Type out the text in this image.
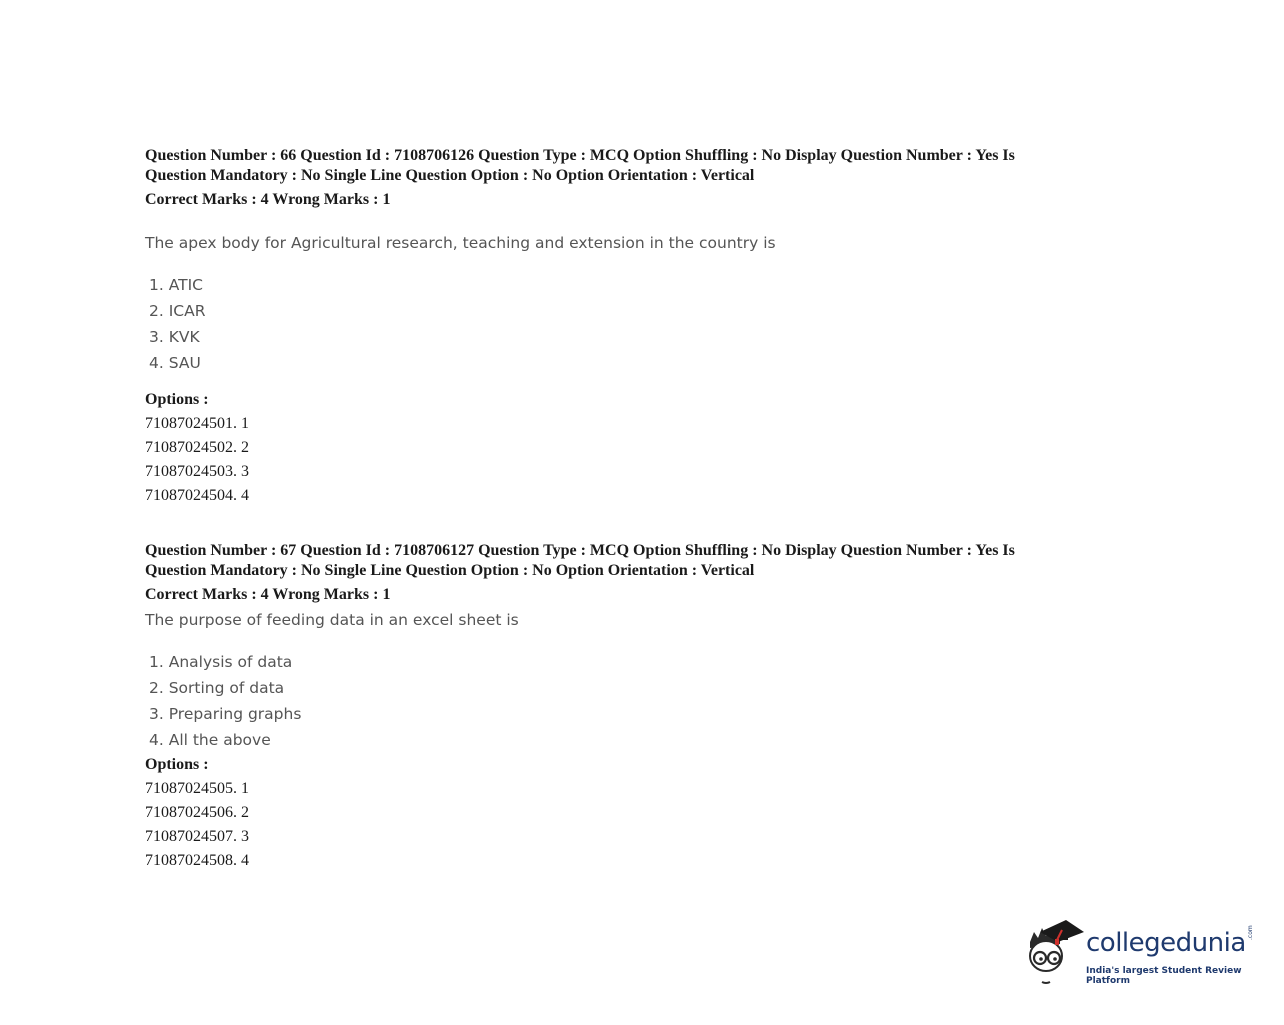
Question Number : 66 Question Id : 7108706126 Question Type : MCQ Option Shuffling : No Display Question Number : Yes Is

Question Mandatory : No Single Line Question Option : No Option Orientation : Vertical

Correct Marks : 4 Wrong Marks : 1

The apex body for Agricultural research, teaching and extension in the country is

1. ATIC
2. ICAR
3. KVK
4. SAU

Options :

71087024501. 1
71087024502. 2
71087024503. 3
71087024504. 4

Question Number : 67 Question Id : 7108706127 Question Type : MCQ Option Shuffling : No Display Question Number : Yes Is

Question Mandatory : No Single Line Question Option : No Option Orientation : Vertical

Correct Marks : 4 Wrong Marks : 1

The purpose of feeding data in an excel sheet is

1. Analysis of data
2. Sorting of data
3. Preparing graphs
4. All the above

Options :

71087024505. 1
71087024506. 2
71087024507. 3
71087024508. 4
collegedunia .com
India's largest Student Review Platform
